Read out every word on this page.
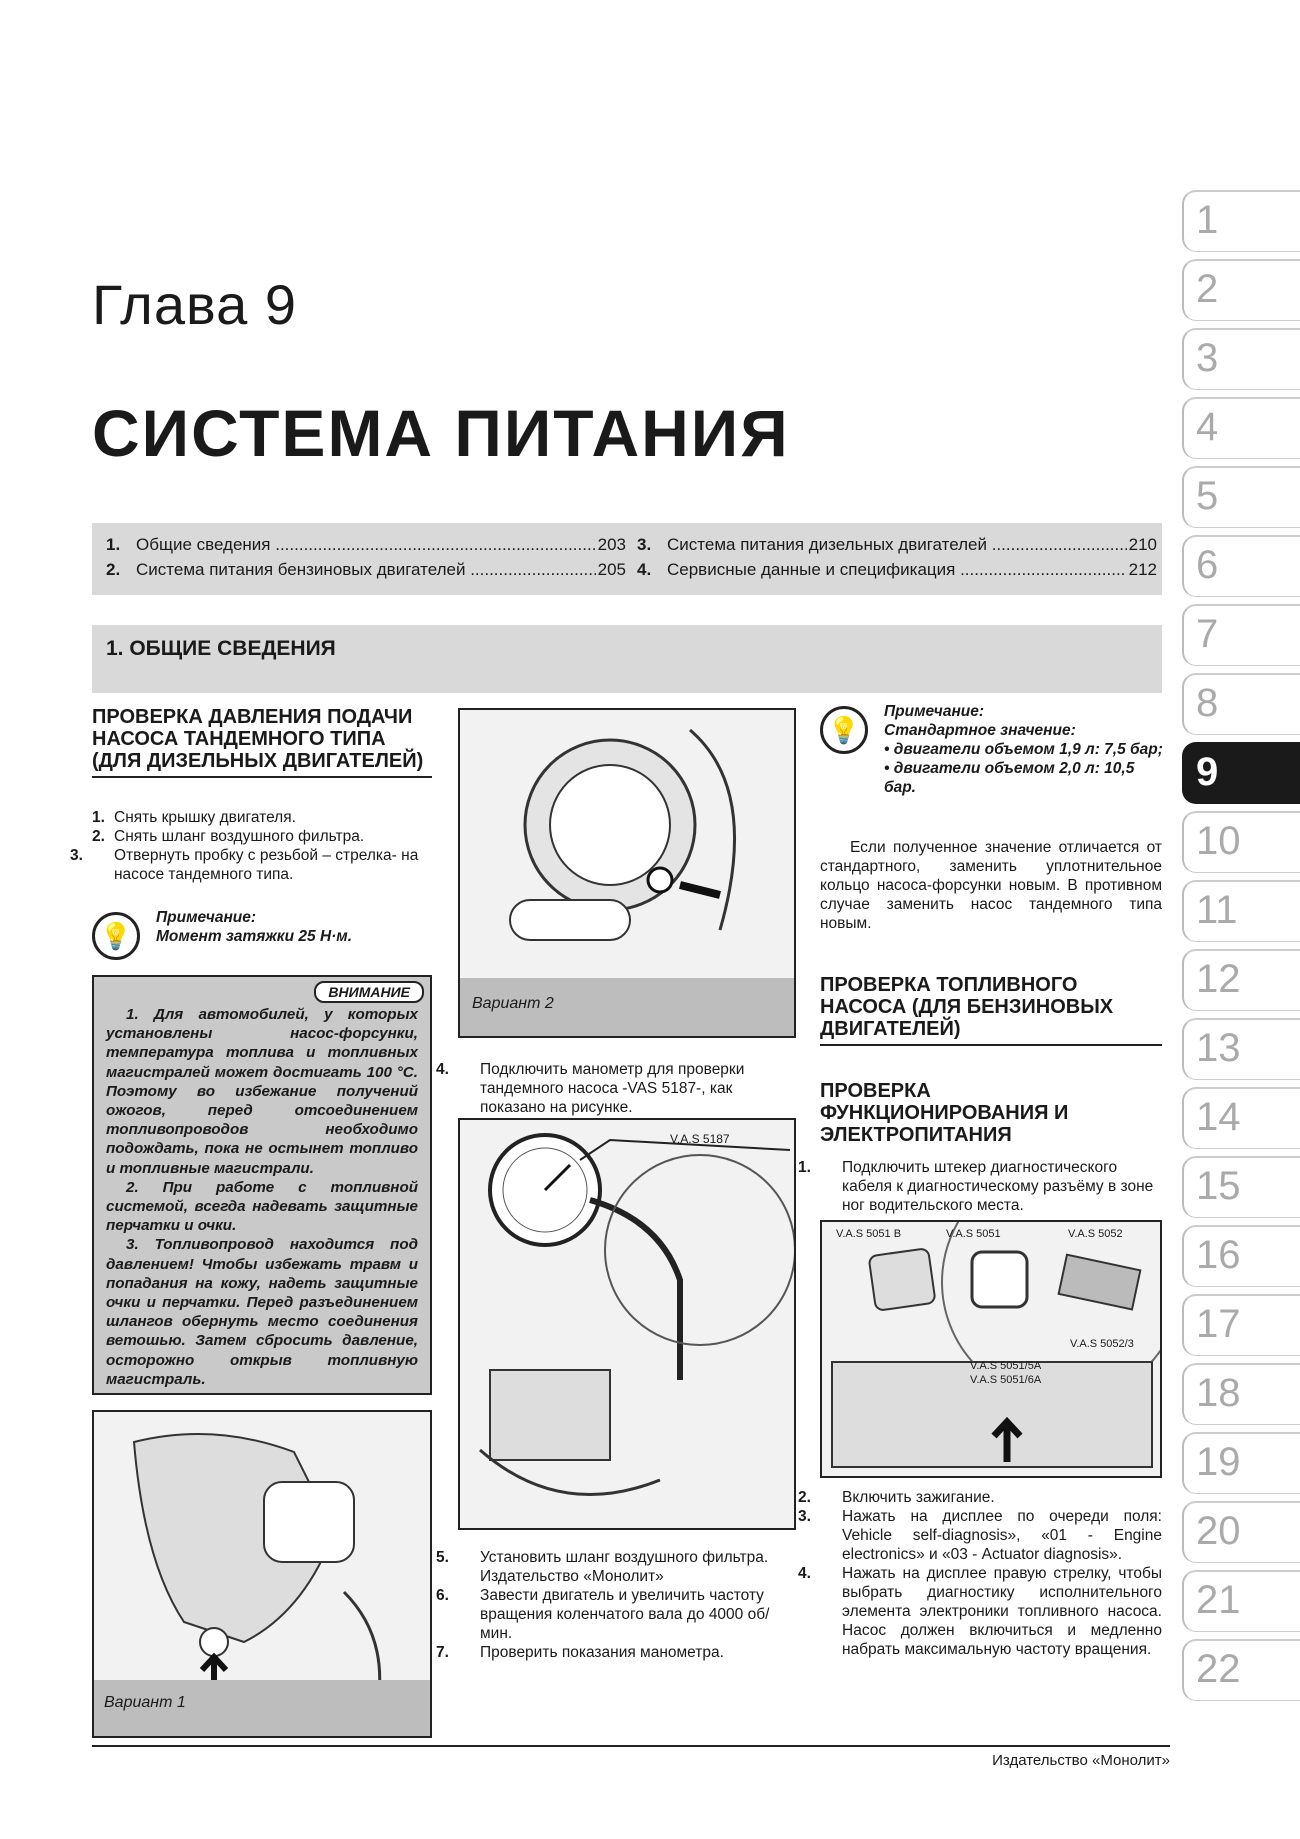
Глава 9
СИСТЕМА ПИТАНИЯ
1. Общие сведения .....	203
2. Система питания бензиновых двигателей .....	205
3. Система питания дизельных двигателей .....	210
4. Сервисные данные и спецификация .....	212
1. ОБЩИЕ СВЕДЕНИЯ
1
2
3
4
5
6
7
8
9
10
11
12
13
14
15
16
17
18
19
20
21
22
ПРОВЕРКА ДАВЛЕНИЯ ПОДАЧИ НАСОСА ТАНДЕМНОГО ТИПА (ДЛЯ ДИЗЕЛЬНЫХ ДВИГАТЕЛЕЙ)
1. Снять крышку двигателя.
2. Снять шланг воздушного фильтра.
3. Отвернуть пробку с резьбой – стрелка- на насосе тандемного типа.
💡
Примечание:
Момент затяжки 25 Н·м.
ВНИМАНИЕ
1. Для автомобилей, у которых установлены насос-форсунки, температура топлива и топливных магистралей может достигать 100 °С. Поэтому во избежание получений ожогов, перед отсоединением топливопроводов необходимо подождать, пока не остынет топливо и топливные магистрали.
2. При работе с топливной системой, всегда надевать защитные перчатки и очки.
3. Топливопровод находится под давлением! Чтобы избежать травм и попадания на кожу, надеть защитные очки и перчатки. Перед разъединением шлангов обернуть место соединения ветошью. Затем сбросить давление, осторожно открыв топливную магистраль.
Вариант 1
Вариант 2
4. Подключить манометр для проверки тандемного насоса -VAS 5187-, как показано на рисунке.
V.A.S 5187
5. Установить шланг воздушного фильтра. Издательство «Монолит»
6. Завести двигатель и увеличить частоту вращения коленчатого вала до 4000 об/мин.
7. Проверить показания манометра.
💡
Примечание:
Стандартное значение:
• двигатели объемом 1,9 л: 7,5 бар;
• двигатели объемом 2,0 л: 10,5 бар.
Если полученное значение отличается от стандартного, заменить уплотнительное кольцо насоса-форсунки новым. В противном случае заменить насос тандемного типа новым.
ПРОВЕРКА ТОПЛИВНОГО НАСОСА (ДЛЯ БЕНЗИНОВЫХ ДВИГАТЕЛЕЙ)
ПРОВЕРКА ФУНКЦИОНИРОВАНИЯ И ЭЛЕКТРОПИТАНИЯ
1. Подключить штекер диагностического кабеля к диагностическому разъёму в зоне ног водительского места.
V.A.S 5051 B	V.A.S 5051	V.A.S 5052
V.A.S 5052/3
V.A.S 5051/5A
V.A.S 5051/6A
2. Включить зажигание.
3. Нажать на дисплее по очереди поля: Vehicle self-diagnosis», «01 - Engine electronics» и «03 - Actuator diagnosis».
4. Нажать на дисплее правую стрелку, чтобы выбрать диагностику исполнительного элемента электроники топливного насоса. Насос должен включиться и медленно набрать максимальную частоту вращения.
Издательство «Монолит»
